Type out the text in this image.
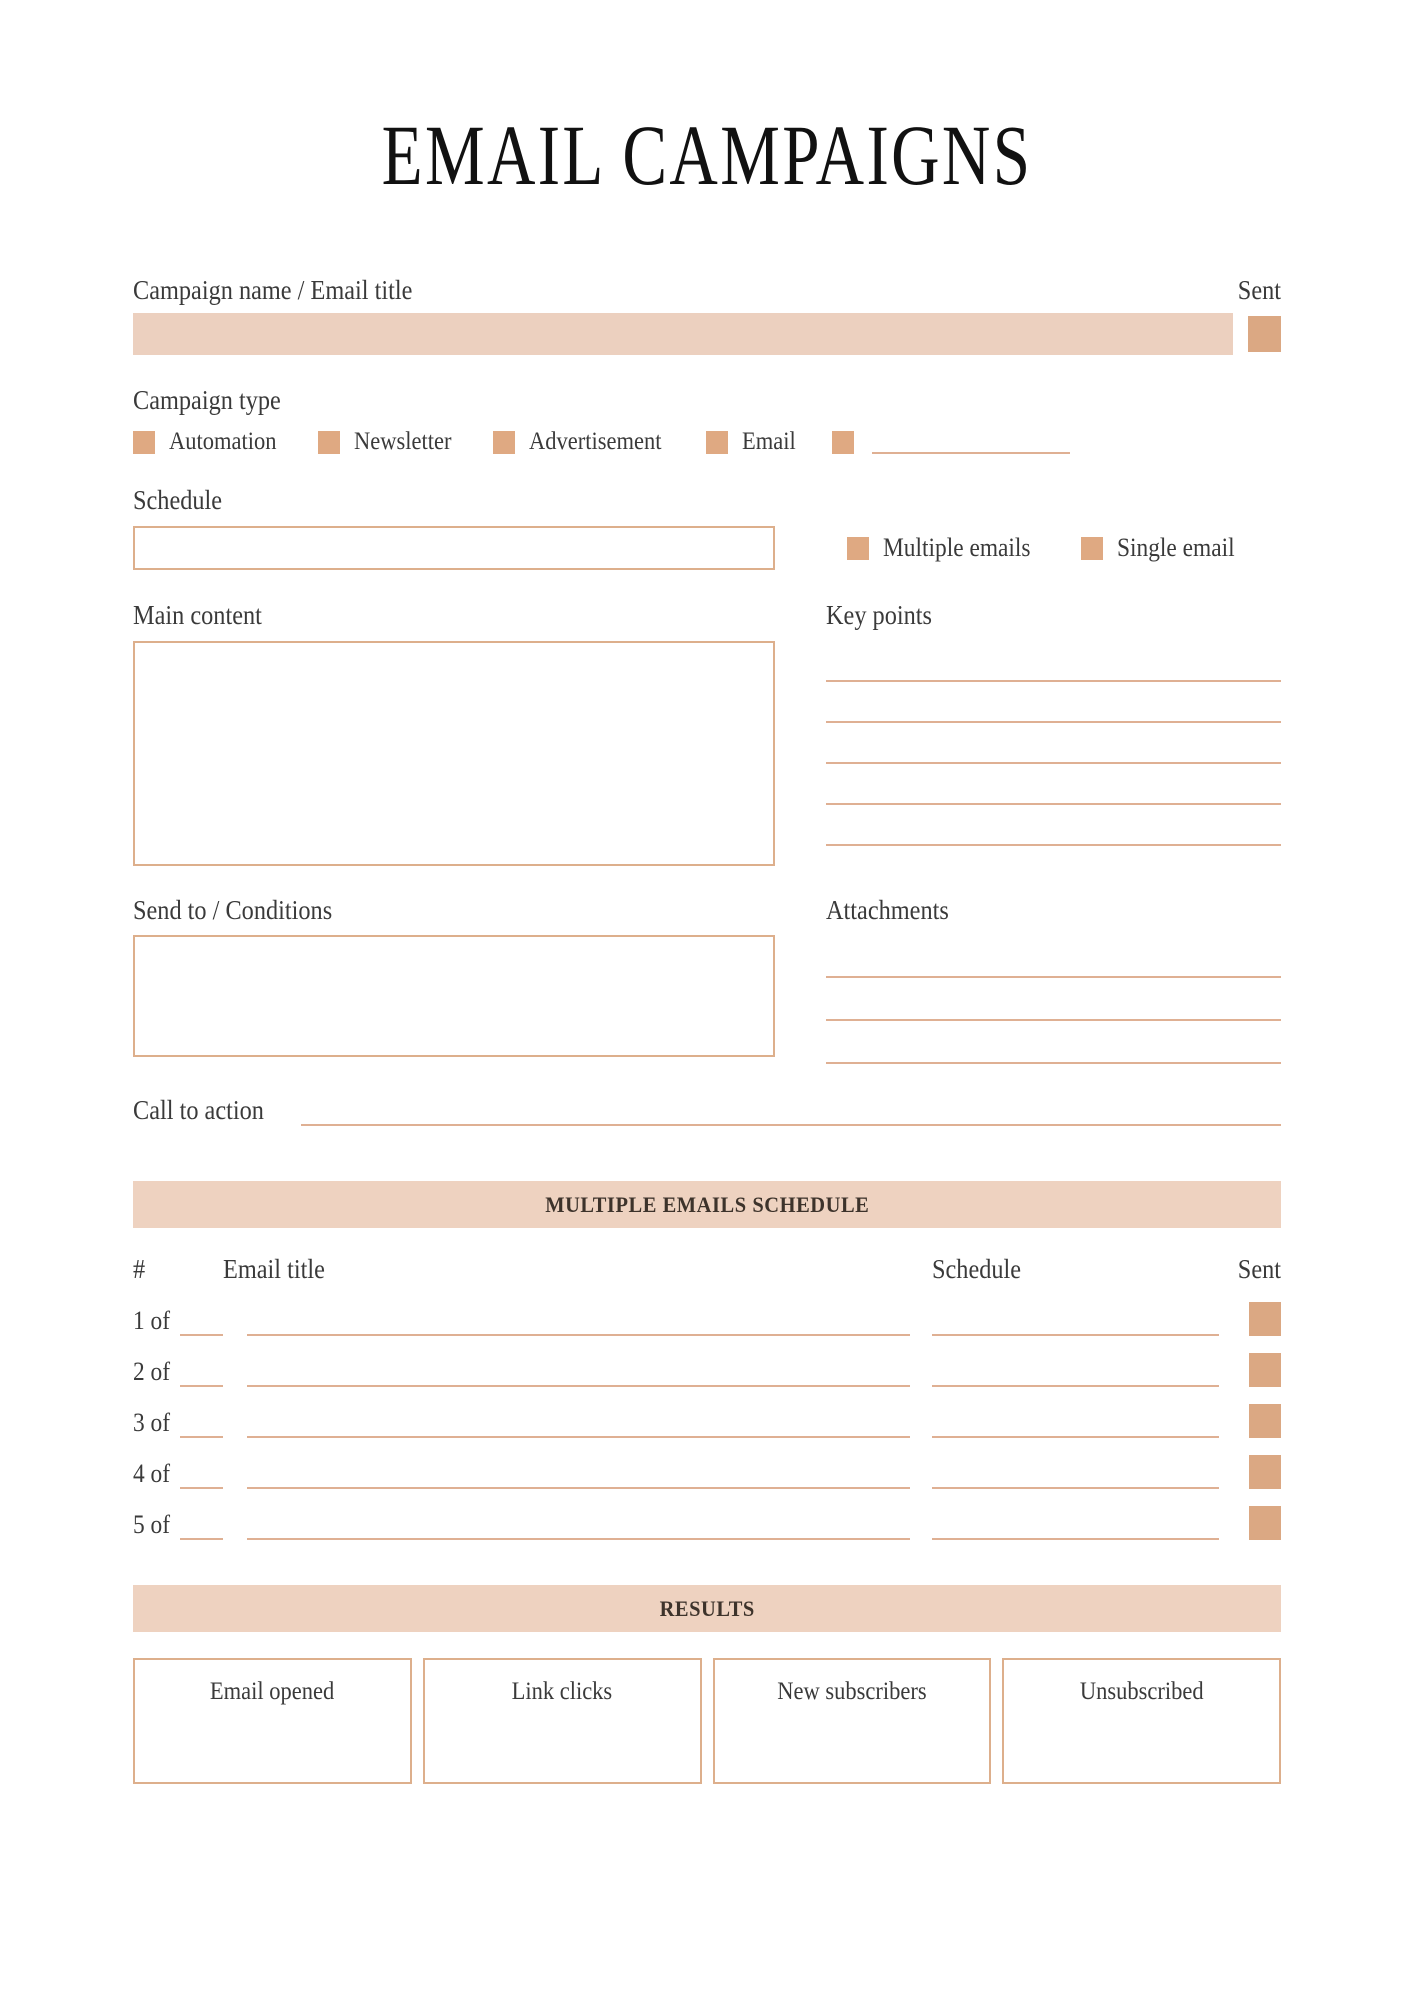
EMAIL CAMPAIGNS
Campaign name / Email title	Sent
Campaign type
Automation	Newsletter	Advertisement	Email
Schedule
Multiple emails	Single email
Main content	Key points
Send to / Conditions	Attachments
Call to action
MULTIPLE EMAILS SCHEDULE
#	Email title	Schedule	Sent
1 of
2 of
3 of
4 of
5 of
RESULTS
Email opened	Link clicks	New subscribers	Unsubscribed
